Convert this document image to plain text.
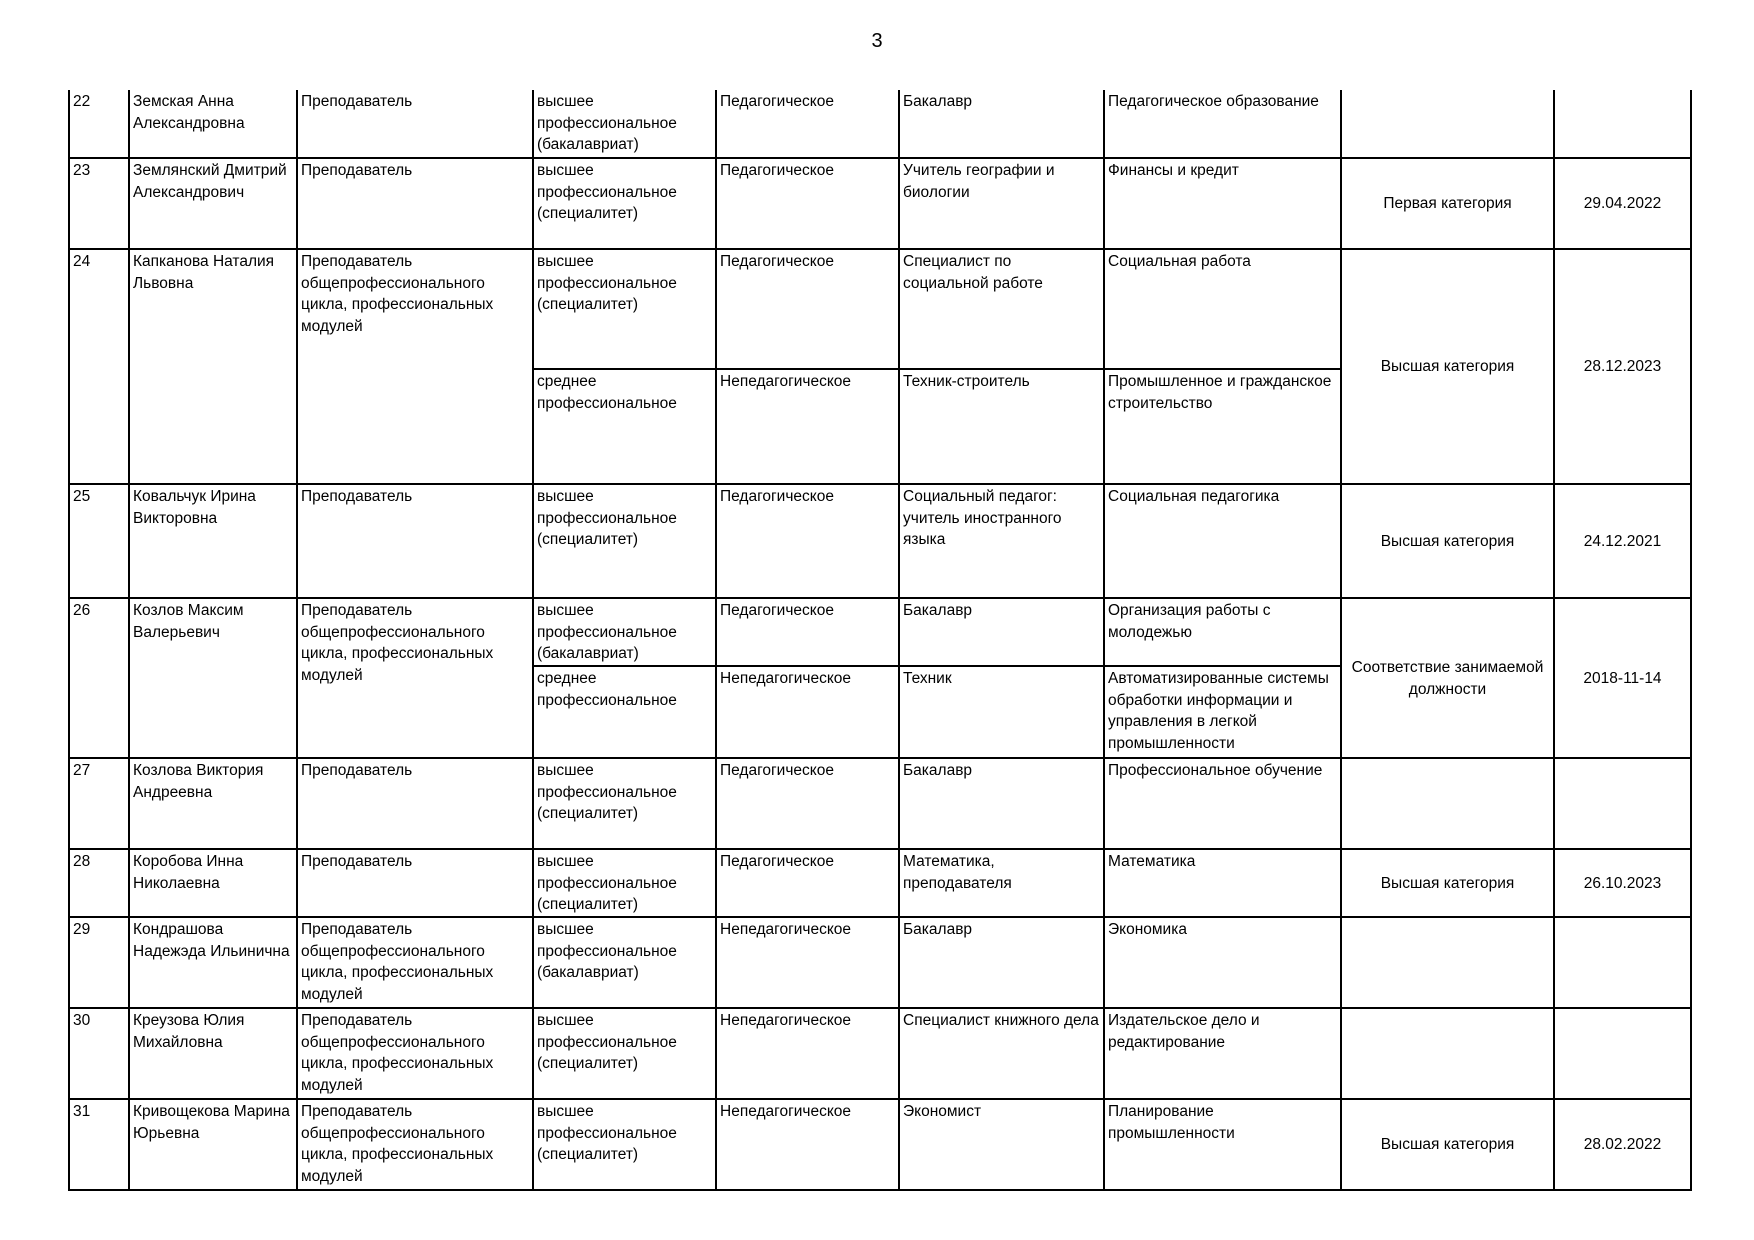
3
22	Земская Анна Александровна	Преподаватель	высшее профессиональное (бакалавриат)	Педагогическое	Бакалавр	Педагогическое образование		
23	Землянский Дмитрий Александрович	Преподаватель	высшее профессиональное (специалитет)	Педагогическое	Учитель географии и биологии	Финансы и кредит	Первая категория	29.04.2022
24	Капканова Наталия Львовна	Преподаватель общепрофессионального цикла, профессиональных модулей	высшее профессиональное (специалитет)	Педагогическое	Специалист по социальной работе	Социальная работа	Высшая категория	28.12.2023
			среднее профессиональное	Непедагогическое	Техник-строитель	Промышленное и гражданское строительство		
25	Ковальчук Ирина Викторовна	Преподаватель	высшее профессиональное (специалитет)	Педагогическое	Социальный педагог: учитель иностранного языка	Социальная педагогика	Высшая категория	24.12.2021
26	Козлов Максим Валерьевич	Преподаватель общепрофессионального цикла, профессиональных модулей	высшее профессиональное (бакалавриат)	Педагогическое	Бакалавр	Организация работы с молодежью	Соответствие занимаемой должности	2018-11-14
			среднее профессиональное	Непедагогическое	Техник	Автоматизированные системы обработки информации и управления в легкой промышленности		
27	Козлова Виктория Андреевна	Преподаватель	высшее профессиональное (специалитет)	Педагогическое	Бакалавр	Профессиональное обучение		
28	Коробова Инна Николаевна	Преподаватель	высшее профессиональное (специалитет)	Педагогическое	Математика, преподавателя	Математика	Высшая категория	26.10.2023
29	Кондрашова Надежэда Ильинична	Преподаватель общепрофессионального цикла, профессиональных модулей	высшее профессиональное (бакалавриат)	Непедагогическое	Бакалавр	Экономика		
30	Креузова Юлия Михайловна	Преподаватель общепрофессионального цикла, профессиональных модулей	высшее профессиональное (специалитет)	Непедагогическое	Специалист книжного дела	Издательское дело и редактирование		
31	Кривощекова Марина Юрьевна	Преподаватель общепрофессионального цикла, профессиональных модулей	высшее профессиональное (специалитет)	Непедагогическое	Экономист	Планирование промышленности	Высшая категория	28.02.2022
